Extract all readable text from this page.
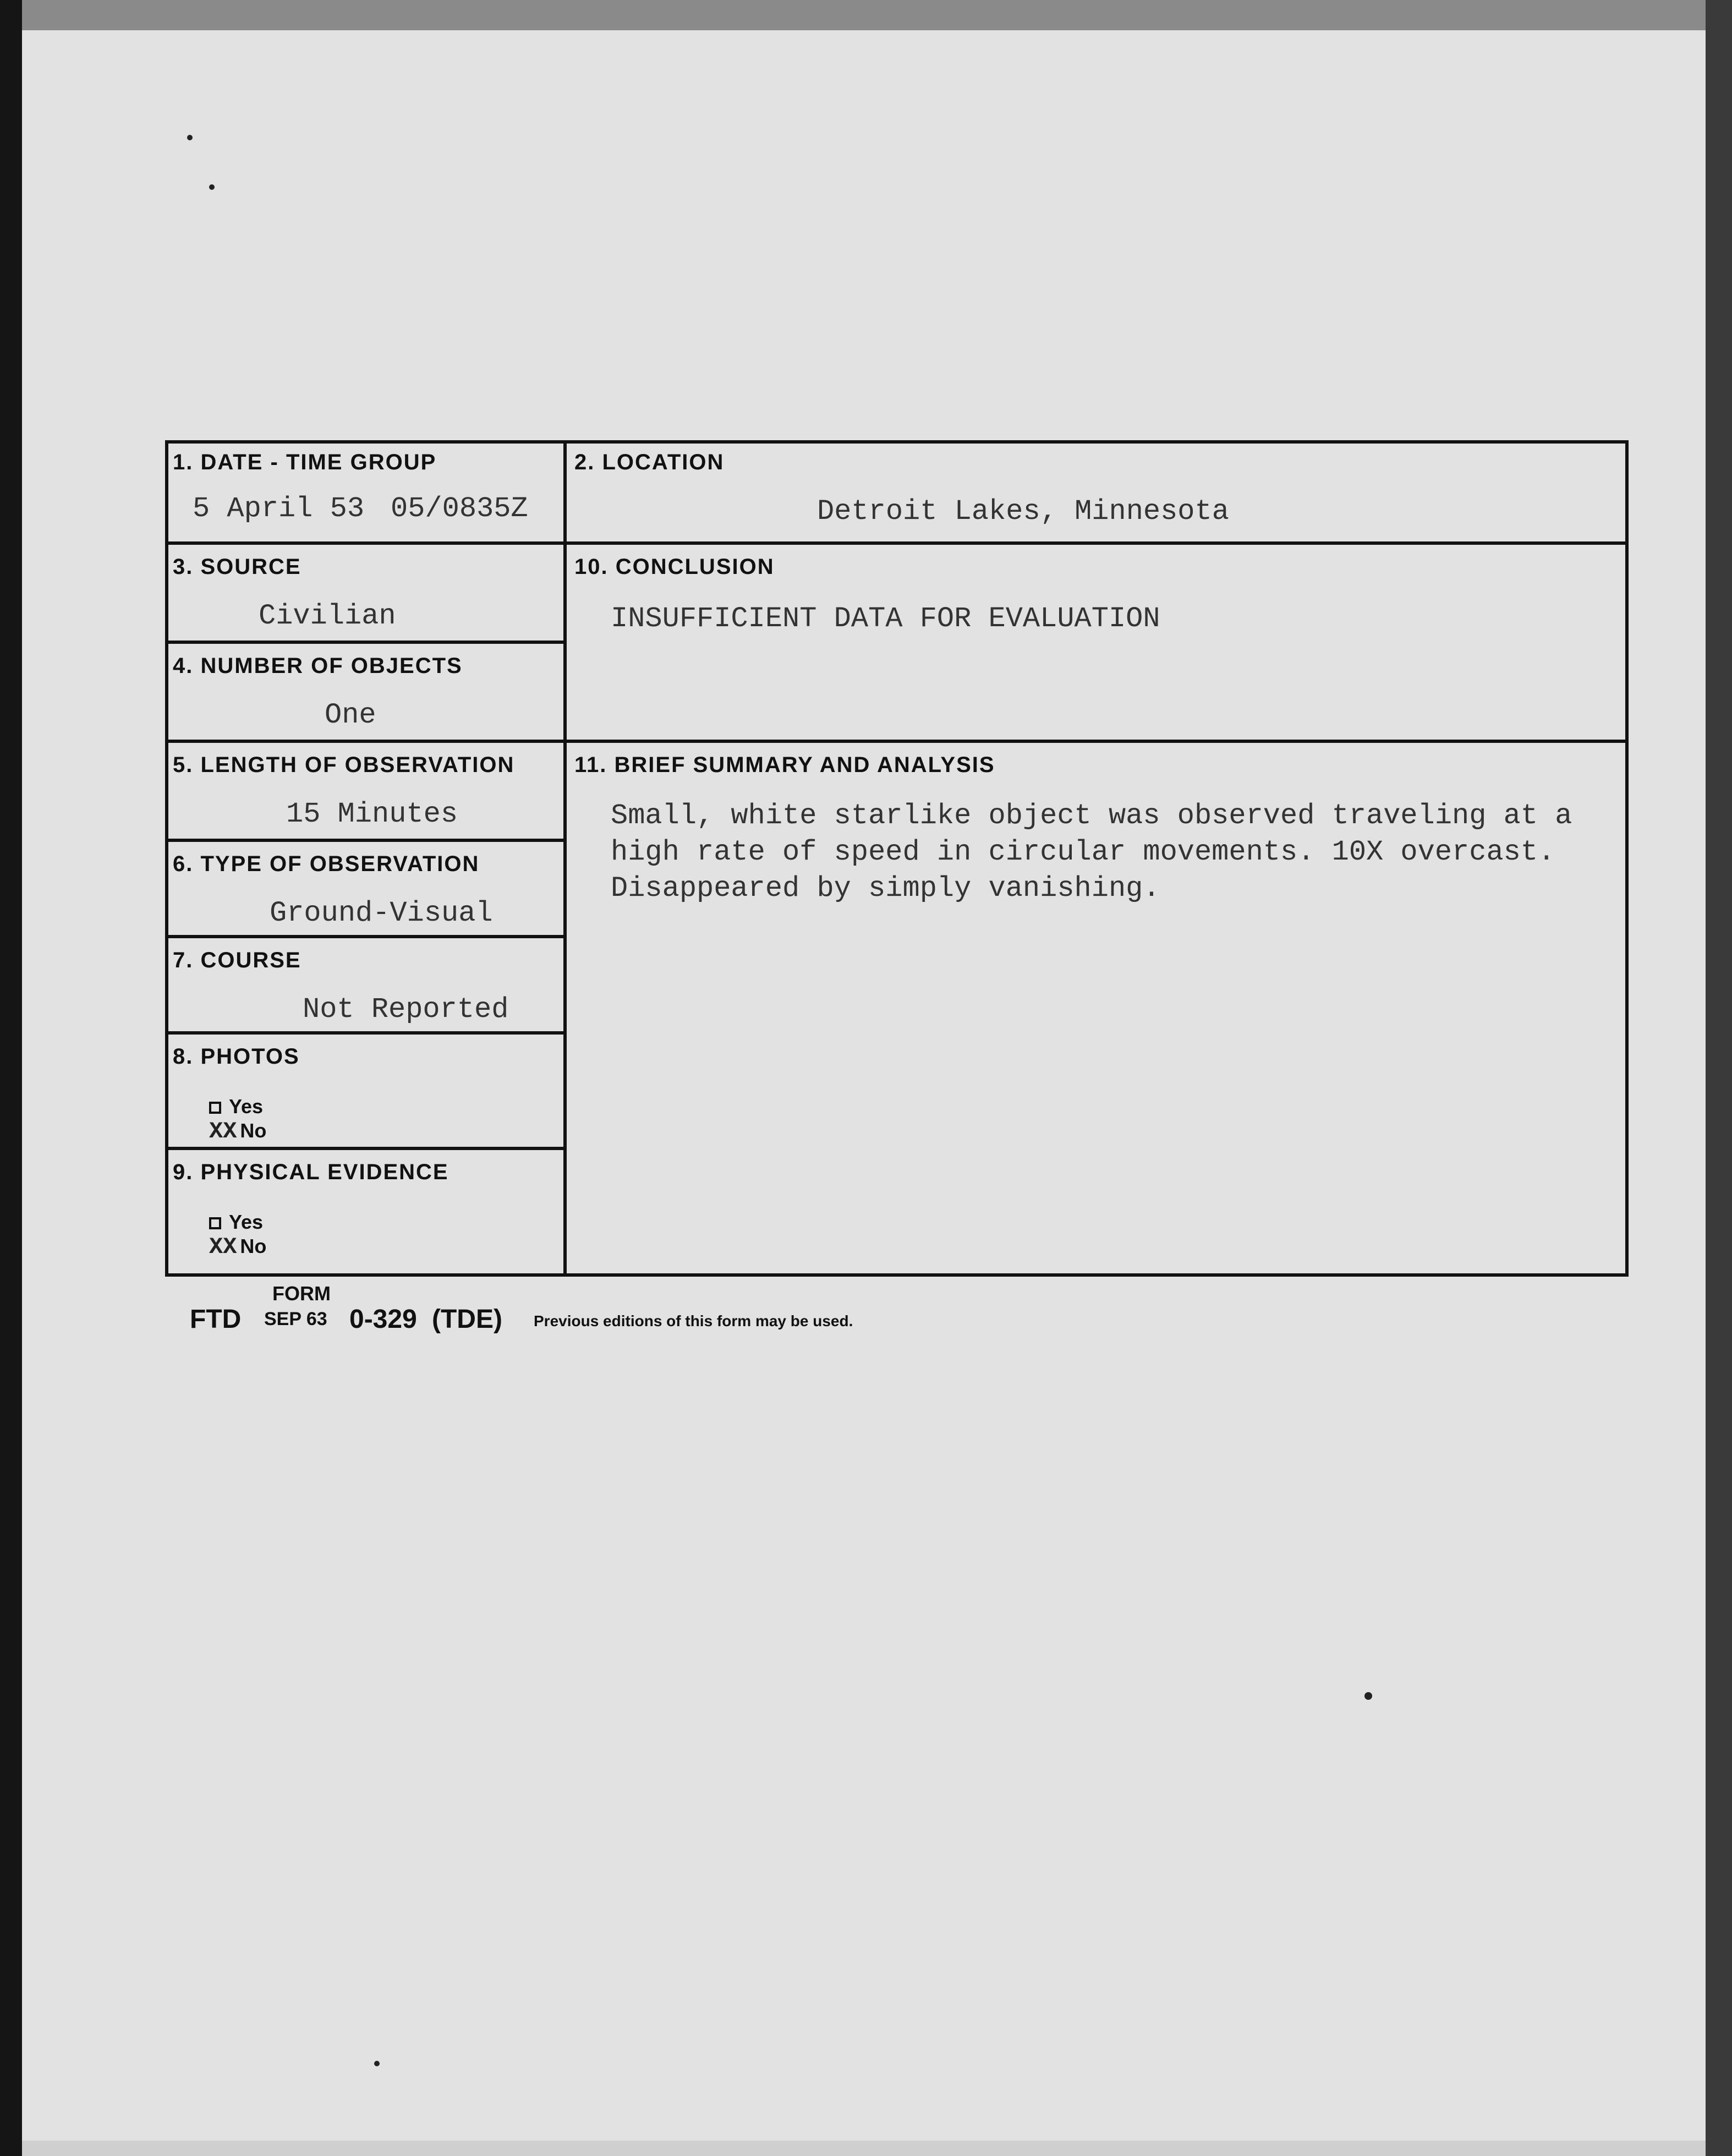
1. DATE - TIME GROUP
5 April 53 05/0835Z
3. SOURCE
Civilian
4. NUMBER OF OBJECTS
One
5. LENGTH OF OBSERVATION
15 Minutes
6. TYPE OF OBSERVATION
Ground-Visual
7. COURSE
Not Reported
8. PHOTOS
Yes
XX No
9. PHYSICAL EVIDENCE
Yes
XX No
2. LOCATION
Detroit Lakes, Minnesota
10. CONCLUSION
INSUFFICIENT DATA FOR EVALUATION
11. BRIEF SUMMARY AND ANALYSIS
Small, white starlike object was observed traveling at a high rate of speed in circular movements. 10X overcast. Disappeared by simply vanishing.
FORM
FTD SEP 63 0-329 (TDE) Previous editions of this form may be used.
